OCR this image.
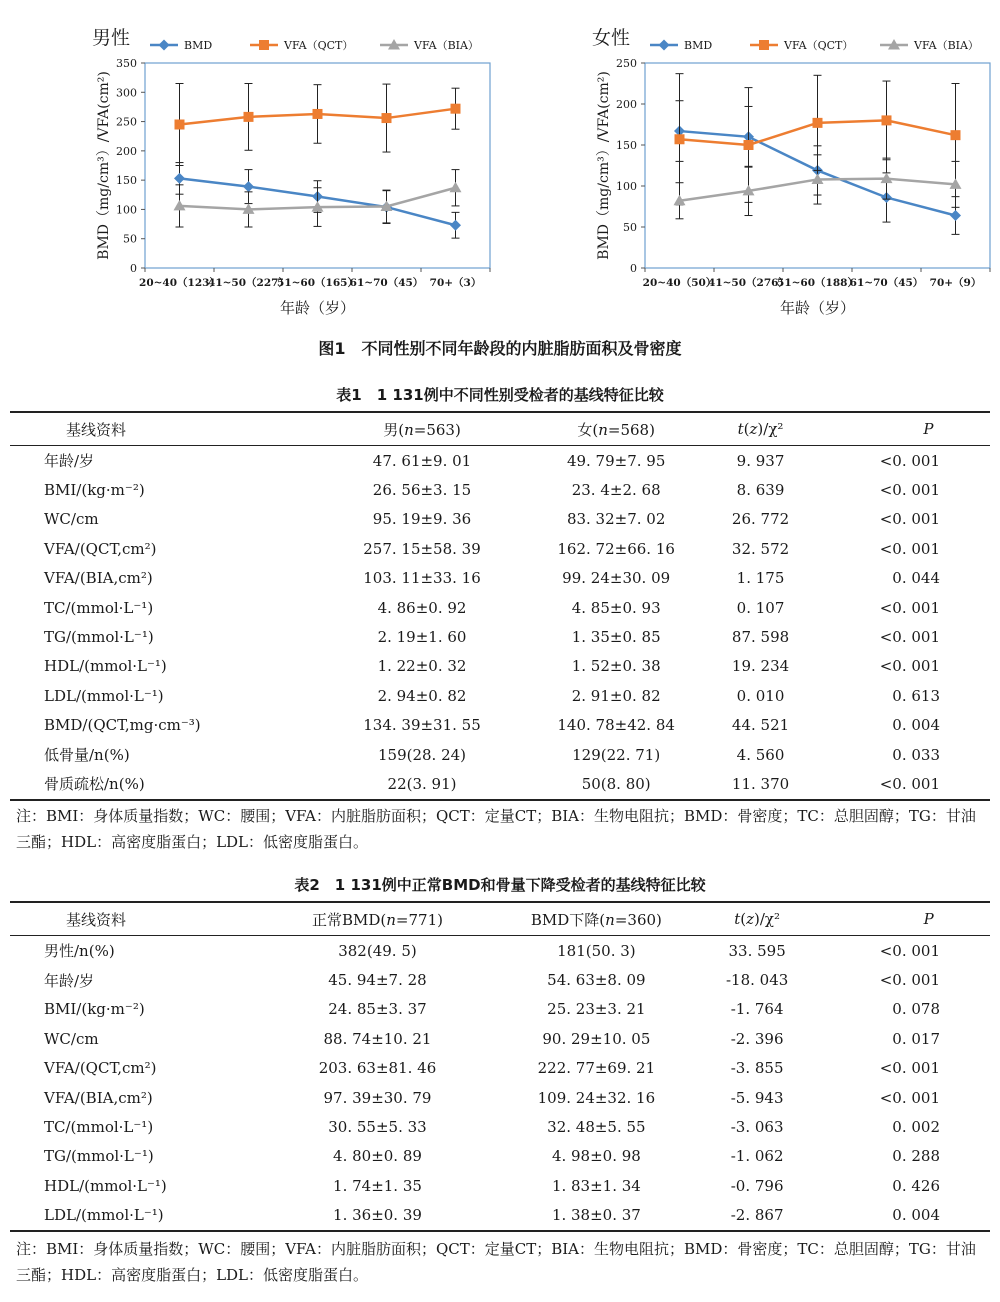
男性	BMD	VFA（QCT）	VFA（BIA）
0
50
100
150
200
250
300
350
20~40（123）
41~50（227）
51~60（165）
61~70（45） 70+（3）
年龄（岁）
BMD（mg/cm³）/VFA(cm²)
女性	BMD	VFA（QCT）	VFA（BIA）
0
50
100
150
200
250
20~40（50）
41~50（276）
51~60（188）
61~70（45） 70+（9）
年龄（岁）
BMD（mg/cm³）/VFA(cm²)
图1　不同性别不同年龄段的内脏脂肪面积及骨密度
表1　1 131例中不同性别受检者的基线特征比较
基线资料	男(n=563)	女(n=568)	t(z)/χ²	P
年龄/岁	47. 61±9. 01	49. 79±7. 95	9. 937	<0. 001
BMI/(kg·m⁻²)	26. 56±3. 15	23. 4±2. 68	8. 639	<0. 001
WC/cm	95. 19±9. 36	83. 32±7. 02	26. 772	<0. 001
VFA/(QCT,cm²)	257. 15±58. 39	162. 72±66. 16	32. 572	<0. 001
VFA/(BIA,cm²)	103. 11±33. 16	99. 24±30. 09	1. 175	0. 044
TC/(mmol·L⁻¹)	4. 86±0. 92	4. 85±0. 93	0. 107	<0. 001
TG/(mmol·L⁻¹)	2. 19±1. 60	1. 35±0. 85	87. 598	<0. 001
HDL/(mmol·L⁻¹)	1. 22±0. 32	1. 52±0. 38	19. 234	<0. 001
LDL/(mmol·L⁻¹)	2. 94±0. 82	2. 91±0. 82	0. 010	0. 613
BMD/(QCT,mg·cm⁻³)	134. 39±31. 55	140. 78±42. 84	44. 521	0. 004
低骨量/n(%)	159(28. 24)	129(22. 71)	4. 560	0. 033
骨质疏松/n(%)	22(3. 91)	50(8. 80)	11. 370	<0. 001
注：BMI：身体质量指数；WC：腰围；VFA：内脏脂肪面积；QCT：定量CT；BIA：生物电阻抗；BMD：骨密度；TC：总胆固醇；TG：甘油三酯；HDL：高密度脂蛋白；LDL：低密度脂蛋白。
表2　1 131例中正常BMD和骨量下降受检者的基线特征比较
基线资料	正常BMD(n=771)	BMD下降(n=360)	t(z)/χ²	P
男性/n(%)	382(49. 5)	181(50. 3)	33. 595	<0. 001
年龄/岁	45. 94±7. 28	54. 63±8. 09	-18. 043	<0. 001
BMI/(kg·m⁻²)	24. 85±3. 37	25. 23±3. 21	-1. 764	0. 078
WC/cm	88. 74±10. 21	90. 29±10. 05	-2. 396	0. 017
VFA/(QCT,cm²)	203. 63±81. 46	222. 77±69. 21	-3. 855	<0. 001
VFA/(BIA,cm²)	97. 39±30. 79	109. 24±32. 16	-5. 943	<0. 001
TC/(mmol·L⁻¹)	30. 55±5. 33	32. 48±5. 55	-3. 063	0. 002
TG/(mmol·L⁻¹)	4. 80±0. 89	4. 98±0. 98	-1. 062	0. 288
HDL/(mmol·L⁻¹)	1. 74±1. 35	1. 83±1. 34	-0. 796	0. 426
LDL/(mmol·L⁻¹)	1. 36±0. 39	1. 38±0. 37	-2. 867	0. 004
注：BMI：身体质量指数；WC：腰围；VFA：内脏脂肪面积；QCT：定量CT；BIA：生物电阻抗；BMD：骨密度；TC：总胆固醇；TG：甘油三酯；HDL：高密度脂蛋白；LDL：低密度脂蛋白。
